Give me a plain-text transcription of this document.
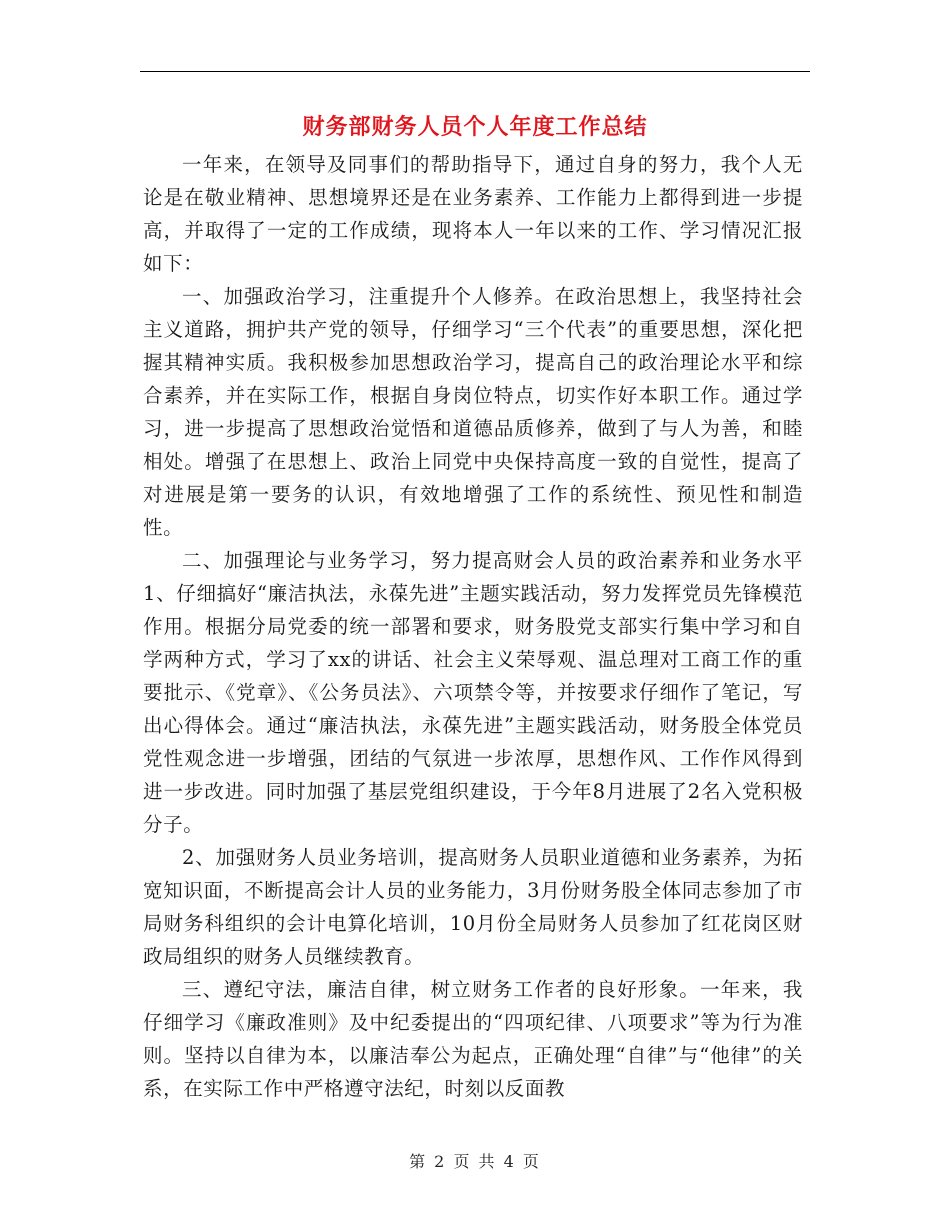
财务部财务人员个人年度工作总结

一年来，在领导及同事们的帮助指导下，通过自身的努力，我个人无论是在敬业精神、思想境界还是在业务素养、工作能力上都得到进一步提高，并取得了一定的工作成绩，现将本人一年以来的工作、学习情况汇报如下：

一、加强政治学习，注重提升个人修养。在政治思想上，我坚持社会主义道路，拥护共产党的领导，仔细学习“三个代表”的重要思想，深化把握其精神实质。我积极参加思想政治学习，提高自己的政治理论水平和综合素养，并在实际工作，根据自身岗位特点，切实作好本职工作。通过学习，进一步提高了思想政治觉悟和道德品质修养，做到了与人为善，和睦相处。增强了在思想上、政治上同党中央保持高度一致的自觉性，提高了对进展是第一要务的认识，有效地增强了工作的系统性、预见性和制造性。

二、加强理论与业务学习，努力提高财会人员的政治素养和业务水平1、仔细搞好“廉洁执法，永葆先进”主题实践活动，努力发挥党员先锋模范作用。根据分局党委的统一部署和要求，财务股党支部实行集中学习和自学两种方式，学习了xx的讲话、社会主义荣辱观、温总理对工商工作的重要批示、《党章》、《公务员法》、六项禁令等，并按要求仔细作了笔记，写出心得体会。通过“廉洁执法，永葆先进”主题实践活动，财务股全体党员党性观念进一步增强，团结的气氛进一步浓厚，思想作风、工作作风得到进一步改进。同时加强了基层党组织建设，于今年8月进展了2名入党积极分子。

2、加强财务人员业务培训，提高财务人员职业道德和业务素养，为拓宽知识面，不断提高会计人员的业务能力，3月份财务股全体同志参加了市局财务科组织的会计电算化培训，10月份全局财务人员参加了红花岗区财政局组织的财务人员继续教育。

三、遵纪守法，廉洁自律，树立财务工作者的良好形象。一年来，我仔细学习《廉政准则》及中纪委提出的“四项纪律、八项要求”等为行为准则。坚持以自律为本，以廉洁奉公为起点，正确处理“自律”与“他律”的关系，在实际工作中严格遵守法纪，时刻以反面教

第 2 页 共 4 页
